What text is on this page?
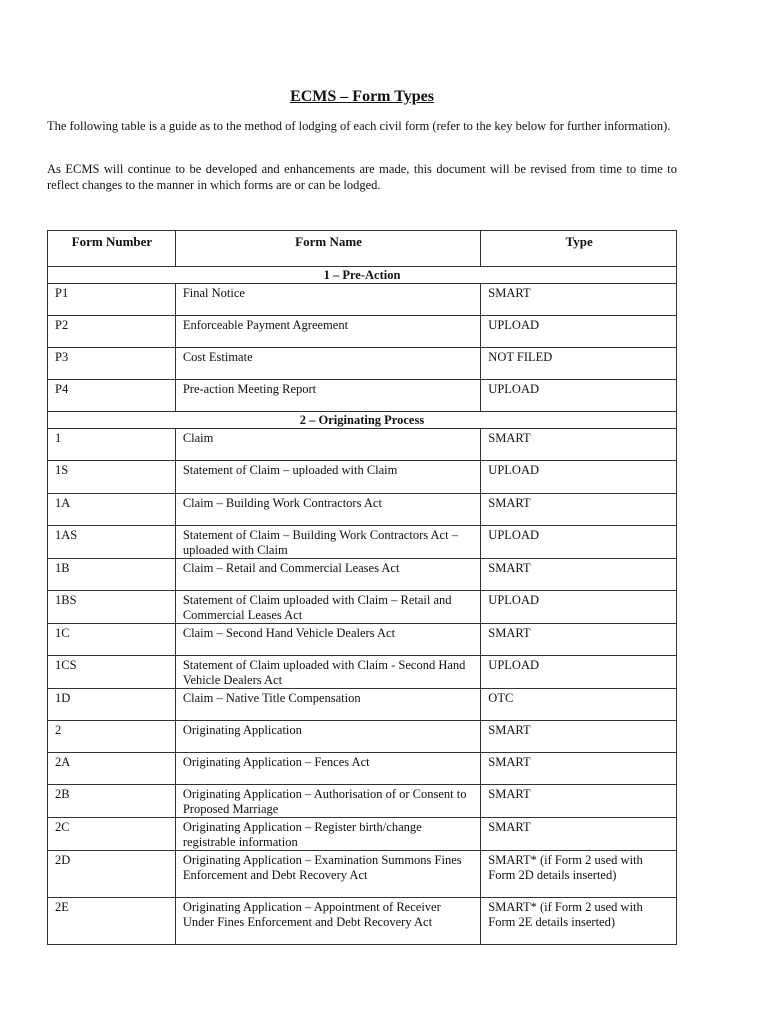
ECMS – Form Types

The following table is a guide as to the method of lodging of each civil form (refer to the key below for further information).

As ECMS will continue to be developed and enhancements are made, this document will be revised from time to time to reflect changes to the manner in which forms are or can be lodged.

Form Number	Form Name	Type
1 – Pre-Action		
P1	Final Notice	SMART
P2	Enforceable Payment Agreement	UPLOAD
P3	Cost Estimate	NOT FILED
P4	Pre-action Meeting Report	UPLOAD
2 – Originating Process		
1	Claim	SMART
1S	Statement of Claim – uploaded with Claim	UPLOAD
1A	Claim – Building Work Contractors Act	SMART
1AS	Statement of Claim – Building Work Contractors Act – uploaded with Claim	UPLOAD
1B	Claim – Retail and Commercial Leases Act	SMART
1BS	Statement of Claim uploaded with Claim – Retail and Commercial Leases Act	UPLOAD
1C	Claim – Second Hand Vehicle Dealers Act	SMART
1CS	Statement of Claim uploaded with Claim - Second Hand Vehicle Dealers Act	UPLOAD
1D	Claim – Native Title Compensation	OTC
2	Originating Application	SMART
2A	Originating Application – Fences Act	SMART
2B	Originating Application – Authorisation of or Consent to Proposed Marriage	SMART
2C	Originating Application – Register birth/change registrable information	SMART
2D	Originating Application – Examination Summons Fines Enforcement and Debt Recovery Act	SMART* (if Form 2 used with Form 2D details inserted)
2E	Originating Application – Appointment of Receiver Under Fines Enforcement and Debt Recovery Act	SMART* (if Form 2 used with Form 2E details inserted)
